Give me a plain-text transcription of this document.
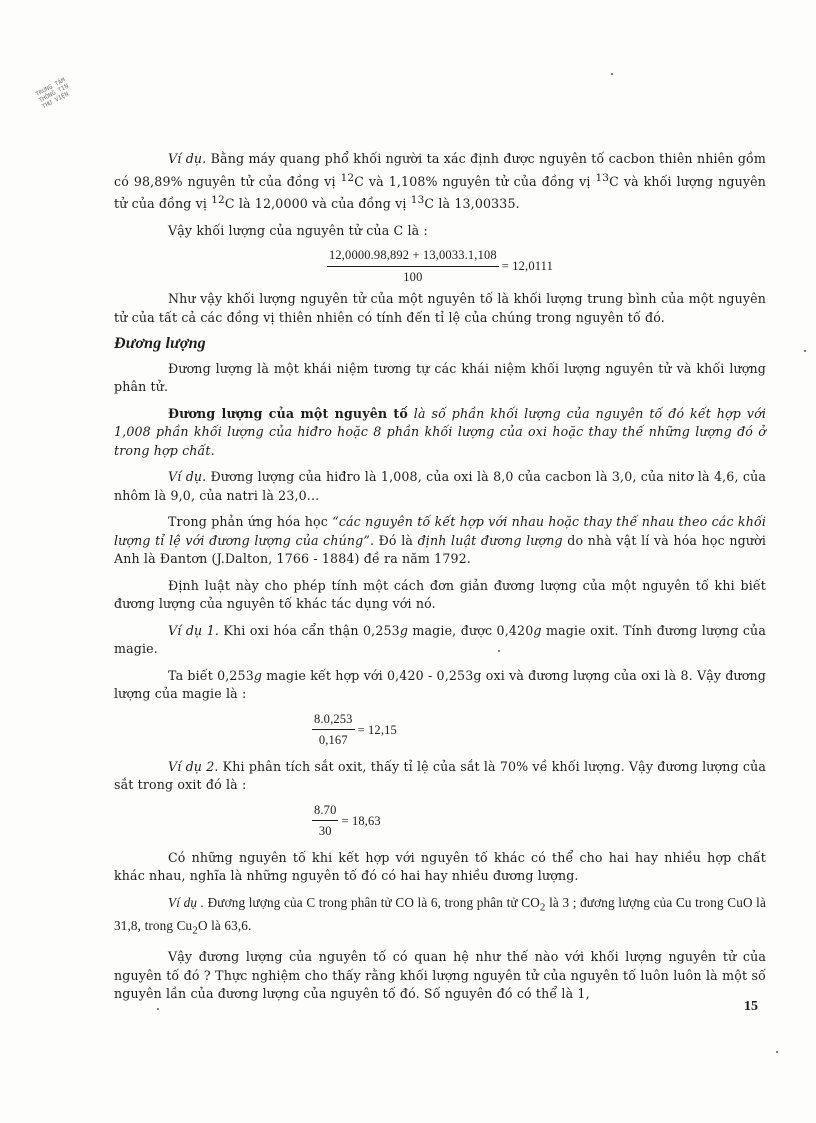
TRUNG TÂM THÔNG TIN THƯ VIỆN

Ví dụ. Bằng máy quang phổ khối người ta xác định được nguyên tố cacbon thiên nhiên gồm có 98,89% nguyên tử của đồng vị $^{12}$C và 1,108% nguyên tử của đồng vị $^{13}$C và khối lượng nguyên tử của đồng vị $^{12}$C là 12,0000 và của đồng vị $^{13}$C là 13,00335.

Vậy khối lượng của nguyên tử của C là :

$\frac{12,0000.98,892 + 13,0033.1,108}{100} = 12,0111$

Như vậy khối lượng nguyên tử của một nguyên tố là khối lượng trung bình của một nguyên tử của tất cả các đồng vị thiên nhiên có tính đến tỉ lệ của chúng trong nguyên tố đó.

Đương lượng

Đương lượng là một khái niệm tương tự các khái niệm khối lượng nguyên tử và khối lượng phân tử.

Đương lượng của một nguyên tố là số phần khối lượng của nguyên tố đó kết hợp với 1,008 phần khối lượng của hiđro hoặc 8 phần khối lượng của oxi hoặc thay thế những lượng đó ở trong hợp chất.

Ví dụ. Đương lượng của hiđro là 1,008, của oxi là 8,0 của cacbon là 3,0, của nitơ là 4,6, của nhôm là 9,0, của natri là 23,0...

Trong phản ứng hóa học “các nguyên tố kết hợp với nhau hoặc thay thế nhau theo các khối lượng tỉ lệ với đương lượng của chúng”. Đó là định luật đương lượng do nhà vật lí và hóa học người Anh là Đantơn (J.Dalton, 1766 - 1884) đề ra năm 1792.

Định luật này cho phép tính một cách đơn giản đương lượng của một nguyên tố khi biết đương lượng của nguyên tố khác tác dụng với nó.

Ví dụ 1. Khi oxi hóa cẩn thận 0,253g magie, được 0,420g magie oxit. Tính đương lượng của magie.

Ta biết 0,253g magie kết hợp với 0,420 - 0,253g oxi và đương lượng của oxi là 8. Vậy đương lượng của magie là :

$\frac{8.0,253}{0,167} = 12,15$

Ví dụ 2. Khi phân tích sắt oxit, thấy tỉ lệ của sắt là 70% về khối lượng. Vậy đương lượng của sắt trong oxit đó là :

$\frac{8.70}{30} = 18,63$

Có những nguyên tố khi kết hợp với nguyên tố khác có thể cho hai hay nhiều hợp chất khác nhau, nghĩa là những nguyên tố đó có hai hay nhiều đương lượng.

Ví dụ . Đương lượng của C trong phân tử CO là 6, trong phân tử $CO_2$ là 3 ; đương lượng của Cu trong CuO là 31,8, trong $Cu_2O$ là 63,6.

Vậy đương lượng của nguyên tố có quan hệ như thế nào với khối lượng nguyên tử của nguyên tố đó ? Thực nghiệm cho thấy rằng khối lượng nguyên tử của nguyên tố luôn luôn là một số nguyên lần của đương lượng của nguyên tố đó. Số nguyên đó có thể là 1,

15
